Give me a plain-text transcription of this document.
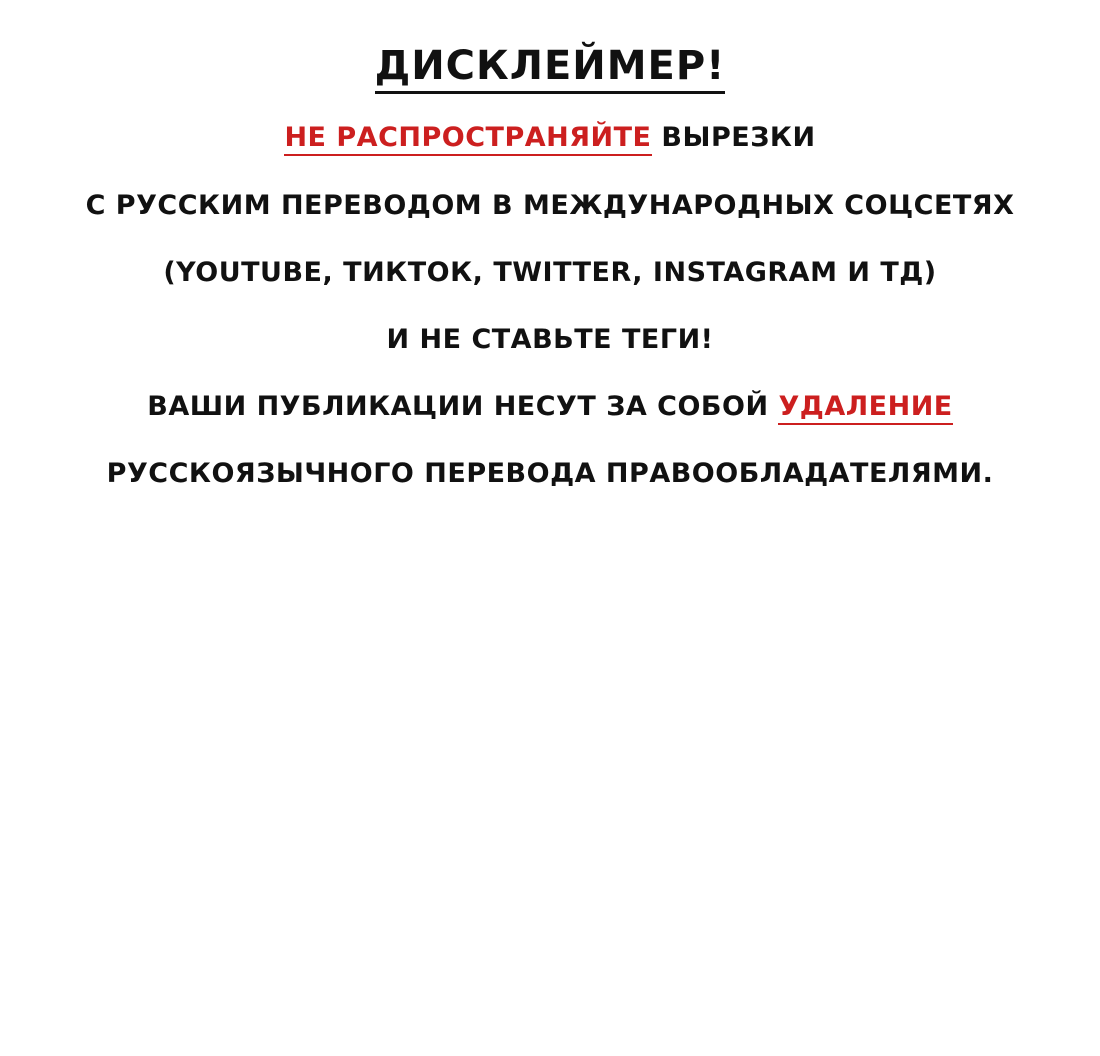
ДИСКЛЕЙМЕР!
НЕ РАСПРОСТРАНЯЙТЕ ВЫРЕЗКИ
С РУССКИМ ПЕРЕВОДОМ В МЕЖДУНАРОДНЫХ СОЦСЕТЯХ
(YOUTUBE, ТИКТОК, TWITTER, INSTAGRAM И ТД)
И НЕ СТАВЬТЕ ТЕГИ!
ВАШИ ПУБЛИКАЦИИ НЕСУТ ЗА СОБОЙ УДАЛЕНИЕ
РУССКОЯЗЫЧНОГО ПЕРЕВОДА ПРАВООБЛАДАТЕЛЯМИ.
